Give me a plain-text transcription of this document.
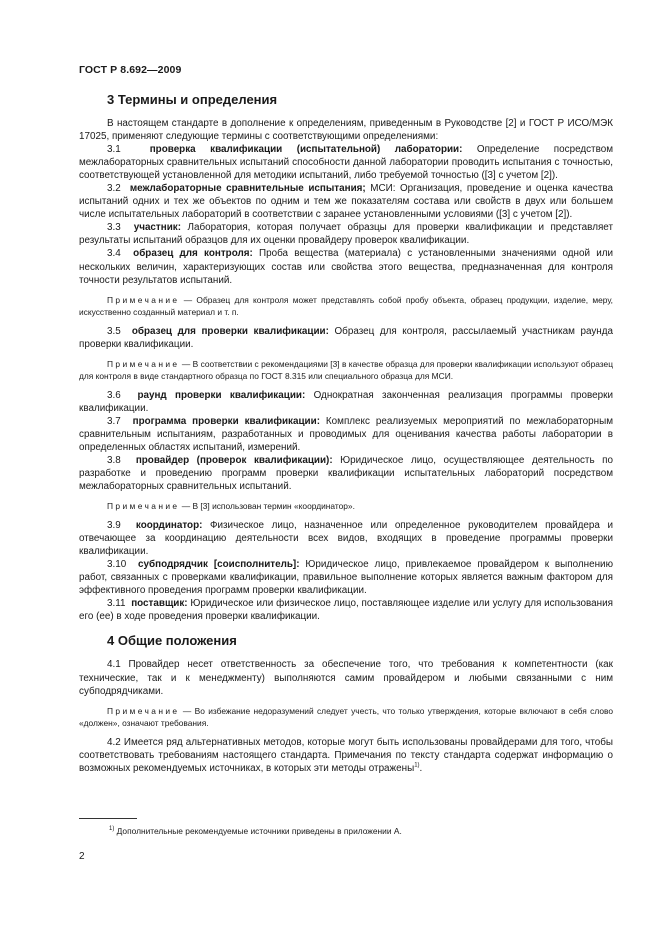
ГОСТ Р 8.692—2009
3 Термины и определения

В настоящем стандарте в дополнение к определениям, приведенным в Руководстве [2] и ГОСТ Р ИСО/МЭК 17025, применяют следующие термины с соответствующими определениями:

3.1	проверка квалификации (испытательной) лаборатории: Определение посредством межлабораторных сравнительных испытаний способности данной лаборатории проводить испытания с точностью, соответствующей установленной для методики испытаний, либо требуемой точностью ([3] с учетом [2]).

3.2 межлабораторные сравнительные испытания; МСИ: Организация, проведение и оценка качества испытаний одних и тех же объектов по одним и тем же показателям состава или свойств в двух или большем числе испытательных лабораторий в соответствии с заранее установленными условиями ([3] с учетом [2]).

3.3 участник: Лаборатория, которая получает образцы для проверки квалификации и представляет результаты испытаний образцов для их оценки провайдеру проверок квалификации.

3.4 образец для контроля: Проба вещества (материала) с установленными значениями одной или нескольких величин, характеризующих состав или свойства этого вещества, предназначенная для контроля точности результатов испытаний.

Примечание — Образец для контроля может представлять собой пробу объекта, образец продукции, изделие, меру, искусственно созданный материал и т. п.

3.5 образец для проверки квалификации: Образец для контроля, рассылаемый участникам раунда проверки квалификации.

Примечание — В соответствии с рекомендациями [3] в качестве образца для проверки квалификации используют образец для контроля в виде стандартного образца по ГОСТ 8.315 или специального образца для МСИ.

3.6 раунд проверки квалификации: Однократная законченная реализация программы проверки квалификации.

3.7 программа проверки квалификации: Комплекс реализуемых мероприятий по межлабораторным сравнительным испытаниям, разработанных и проводимых для оценивания качества работы лаборатории в определенных областях испытаний, измерений.

3.8 провайдер (проверок квалификации): Юридическое лицо, осуществляющее деятельность по разработке и проведению программ проверки квалификации испытательных лабораторий посредством межлабораторных сравнительных испытаний.

Примечание — В [3] использован термин «координатор».

3.9 координатор: Физическое лицо, назначенное или определенное руководителем провайдера и отвечающее за координацию деятельности всех видов, входящих в проведение программы проверки квалификации.

3.10 субподрядчик [соисполнитель]: Юридическое лицо, привлекаемое провайдером к выполнению работ, связанных с проверками квалификации, правильное выполнение которых является важным фактором для эффективного проведения программ проверки квалификации.

3.11 поставщик: Юридическое или физическое лицо, поставляющее изделие или услугу для использования его (ее) в ходе проведения проверки квалификации.

4 Общие положения

4.1 Провайдер несет ответственность за обеспечение того, что требования к компетентности (как технические, так и к менеджменту) выполняются самим провайдером и любыми связанными с ним субподрядчиками.

Примечание — Во избежание недоразумений следует учесть, что только утверждения, которые включают в себя слово «должен», означают требования.

4.2 Имеется ряд альтернативных методов, которые могут быть использованы провайдерами для того, чтобы соответствовать требованиям настоящего стандарта. Примечания по тексту стандарта содержат информацию о возможных рекомендуемых источниках, в которых эти методы отражены$^{1)}$.

$^{1)}$ Дополнительные рекомендуемые источники приведены в приложении А.
2
